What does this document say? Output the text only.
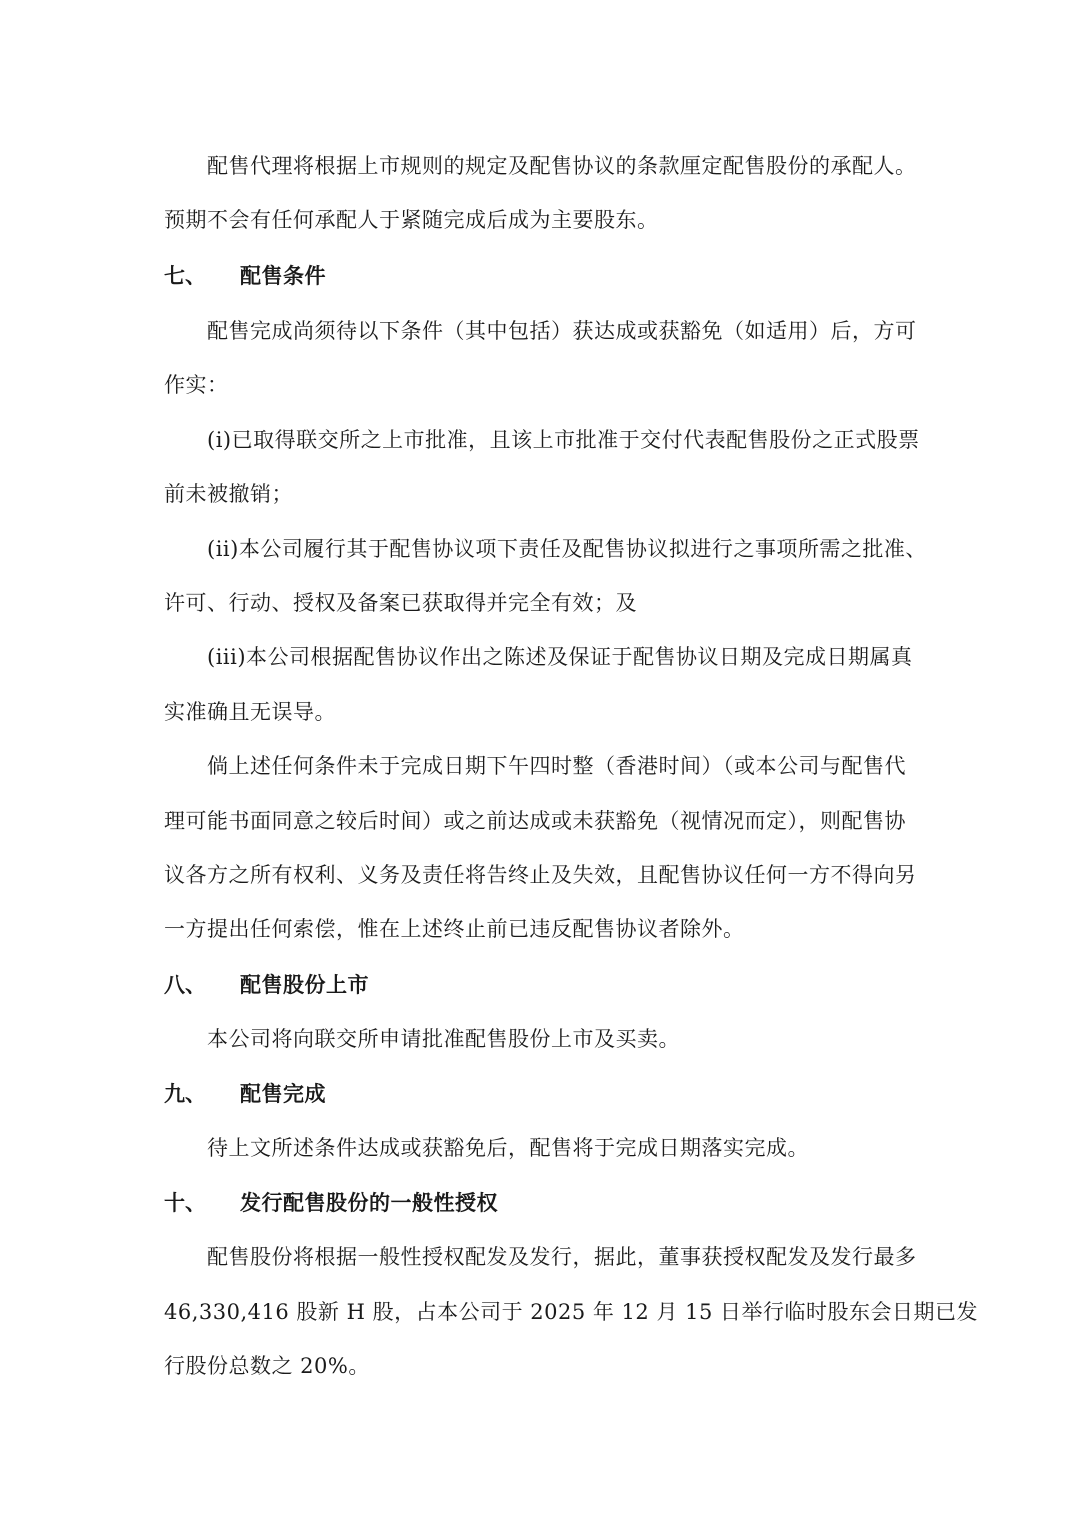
配售代理将根据上市规则的规定及配售协议的条款厘定配售股份的承配人。
预期不会有任何承配人于紧随完成后成为主要股东。
七、 配售条件
配售完成尚须待以下条件（其中包括）获达成或获豁免（如适用）后，方可
作实：
(i)已取得联交所之上市批准，且该上市批准于交付代表配售股份之正式股票
前未被撤销；
(ii)本公司履行其于配售协议项下责任及配售协议拟进行之事项所需之批准、
许可、行动、授权及备案已获取得并完全有效；及
(iii)本公司根据配售协议作出之陈述及保证于配售协议日期及完成日期属真
实准确且无误导。
倘上述任何条件未于完成日期下午四时整（香港时间）（或本公司与配售代
理可能书面同意之较后时间）或之前达成或未获豁免（视情况而定），则配售协
议各方之所有权利、义务及责任将告终止及失效，且配售协议任何一方不得向另
一方提出任何索偿，惟在上述终止前已违反配售协议者除外。
八、 配售股份上市
本公司将向联交所申请批准配售股份上市及买卖。
九、 配售完成
待上文所述条件达成或获豁免后，配售将于完成日期落实完成。
十、 发行配售股份的一般性授权
配售股份将根据一般性授权配发及发行，据此，董事获授权配发及发行最多
46,330,416 股新 H 股，占本公司于 2025 年 12 月 15 日举行临时股东会日期已发
行股份总数之 20%。
